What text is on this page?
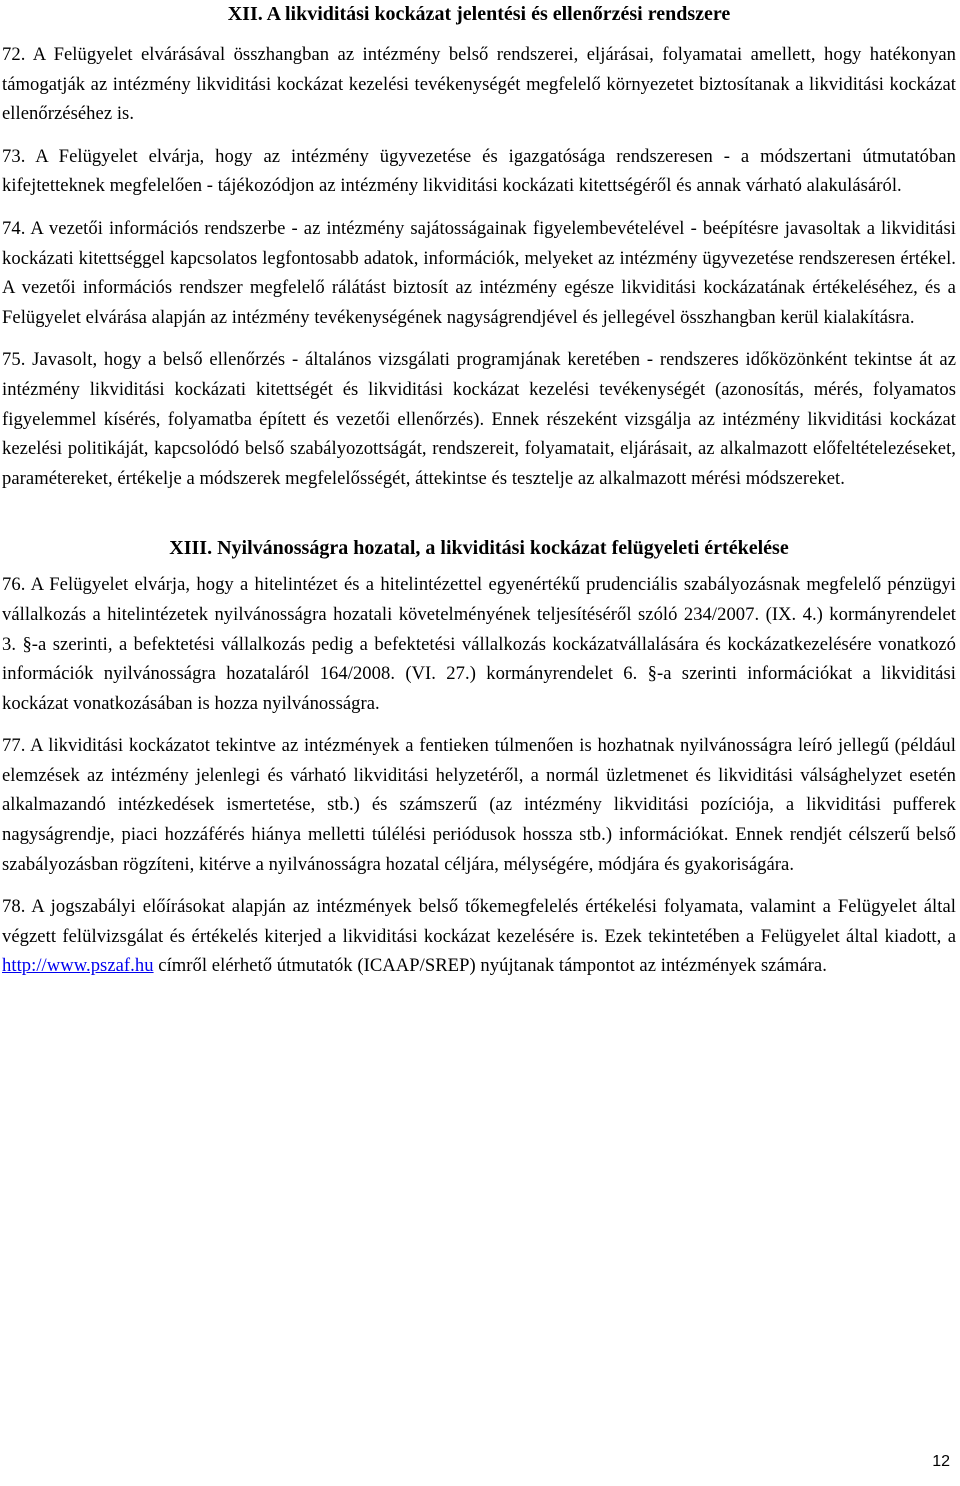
XII. A likviditási kockázat jelentési és ellenőrzési rendszere

72. A Felügyelet elvárásával összhangban az intézmény belső rendszerei, eljárásai, folyamatai amellett, hogy hatékonyan támogatják az intézmény likviditási kockázat kezelési tevékenységét megfelelő környezetet biztosítanak a likviditási kockázat ellenőrzéséhez is.

73. A Felügyelet elvárja, hogy az intézmény ügyvezetése és igazgatósága rendszeresen - a módszertani útmutatóban kifejtetteknek megfelelően - tájékozódjon az intézmény likviditási kockázati kitettségéről és annak várható alakulásáról.

74. A vezetői információs rendszerbe - az intézmény sajátosságainak figyelembevételével - beépítésre javasoltak a likviditási kockázati kitettséggel kapcsolatos legfontosabb adatok, információk, melyeket az intézmény ügyvezetése rendszeresen értékel. A vezetői információs rendszer megfelelő rálátást biztosít az intézmény egésze likviditási kockázatának értékeléséhez, és a Felügyelet elvárása alapján az intézmény tevékenységének nagyságrendjével és jellegével összhangban kerül kialakításra.

75. Javasolt, hogy a belső ellenőrzés - általános vizsgálati programjának keretében - rendszeres időközönként tekintse át az intézmény likviditási kockázati kitettségét és likviditási kockázat kezelési tevékenységét (azonosítás, mérés, folyamatos figyelemmel kísérés, folyamatba épített és vezetői ellenőrzés). Ennek részeként vizsgálja az intézmény likviditási kockázat kezelési politikáját, kapcsolódó belső szabályozottságát, rendszereit, folyamatait, eljárásait, az alkalmazott előfeltételezéseket, paramétereket, értékelje a módszerek megfelelősségét, áttekintse és tesztelje az alkalmazott mérési módszereket.

XIII. Nyilvánosságra hozatal, a likviditási kockázat felügyeleti értékelése

76. A Felügyelet elvárja, hogy a hitelintézet és a hitelintézettel egyenértékű prudenciális szabályozásnak megfelelő pénzügyi vállalkozás a hitelintézetek nyilvánosságra hozatali követelményének teljesítéséről szóló 234/2007. (IX. 4.) kormányrendelet 3. §-a szerinti, a befektetési vállalkozás pedig a befektetési vállalkozás kockázatvállalására és kockázatkezelésére vonatkozó információk nyilvánosságra hozataláról 164/2008. (VI. 27.) kormányrendelet 6. §-a szerinti információkat a likviditási kockázat vonatkozásában is hozza nyilvánosságra.

77. A likviditási kockázatot tekintve az intézmények a fentieken túlmenően is hozhatnak nyilvánosságra leíró jellegű (például elemzések az intézmény jelenlegi és várható likviditási helyzetéről, a normál üzletmenet és likviditási válsághelyzet esetén alkalmazandó intézkedések ismertetése, stb.) és számszerű (az intézmény likviditási pozíciója, a likviditási pufferek nagyságrendje, piaci hozzáférés hiánya melletti túlélési periódusok hossza stb.) információkat. Ennek rendjét célszerű belső szabályozásban rögzíteni, kitérve a nyilvánosságra hozatal céljára, mélységére, módjára és gyakoriságára.

78. A jogszabályi előírásokat alapján az intézmények belső tőkemegfelelés értékelési folyamata, valamint a Felügyelet által végzett felülvizsgálat és értékelés kiterjed a likviditási kockázat kezelésére is. Ezek tekintetében a Felügyelet által kiadott, a http://www.pszaf.hu címről elérhető útmutatók (ICAAP/SREP) nyújtanak támpontot az intézmények számára.

12
